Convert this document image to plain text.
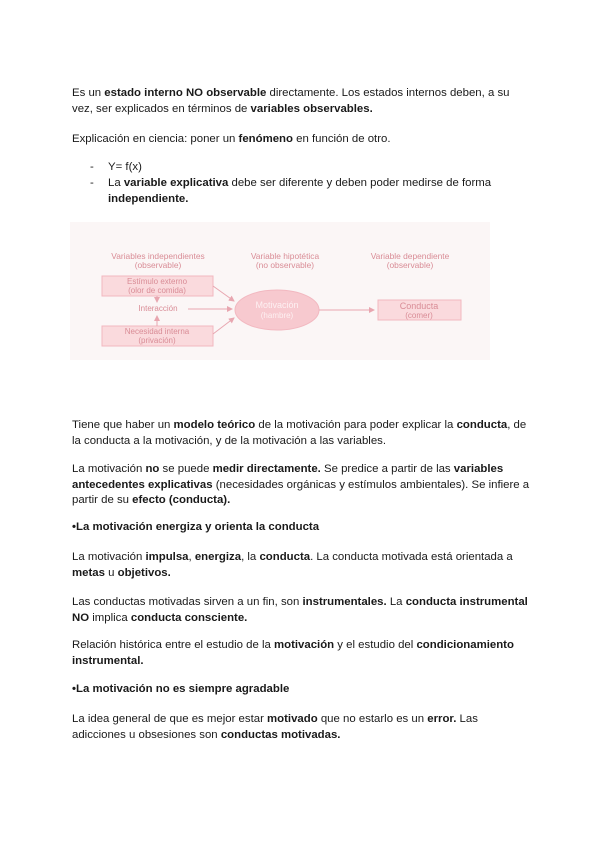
Es un estado interno NO observable directamente. Los estados internos deben, a su vez, ser explicados en términos de variables observables.

Explicación en ciencia: poner un fenómeno en función de otro.

- Y= f(x)
- La variable explicativa debe ser diferente y deben poder medirse de forma independiente.
Variables independientes
(observable)
Variable hipotética
(no observable)
Variable dependiente
(observable)
Estímulo externo
(olor de comida)
Interacción
Necesidad interna
(privación)
Motivación
(hambre)
Conducta
(comer)

Tiene que haber un modelo teórico de la motivación para poder explicar la conducta, de la conducta a la motivación, y de la motivación a las variables.

La motivación no se puede medir directamente. Se predice a partir de las variables antecedentes explicativas (necesidades orgánicas y estímulos ambientales). Se infiere a partir de su efecto (conducta).

•La motivación energiza y orienta la conducta

La motivación impulsa, energiza, la conducta. La conducta motivada está orientada a metas u objetivos.

Las conductas motivadas sirven a un fin, son instrumentales. La conducta instrumental NO implica conducta consciente.

Relación histórica entre el estudio de la motivación y el estudio del condicionamiento instrumental.

•La motivación no es siempre agradable

La idea general de que es mejor estar motivado que no estarlo es un error. Las adicciones u obsesiones son conductas motivadas.
